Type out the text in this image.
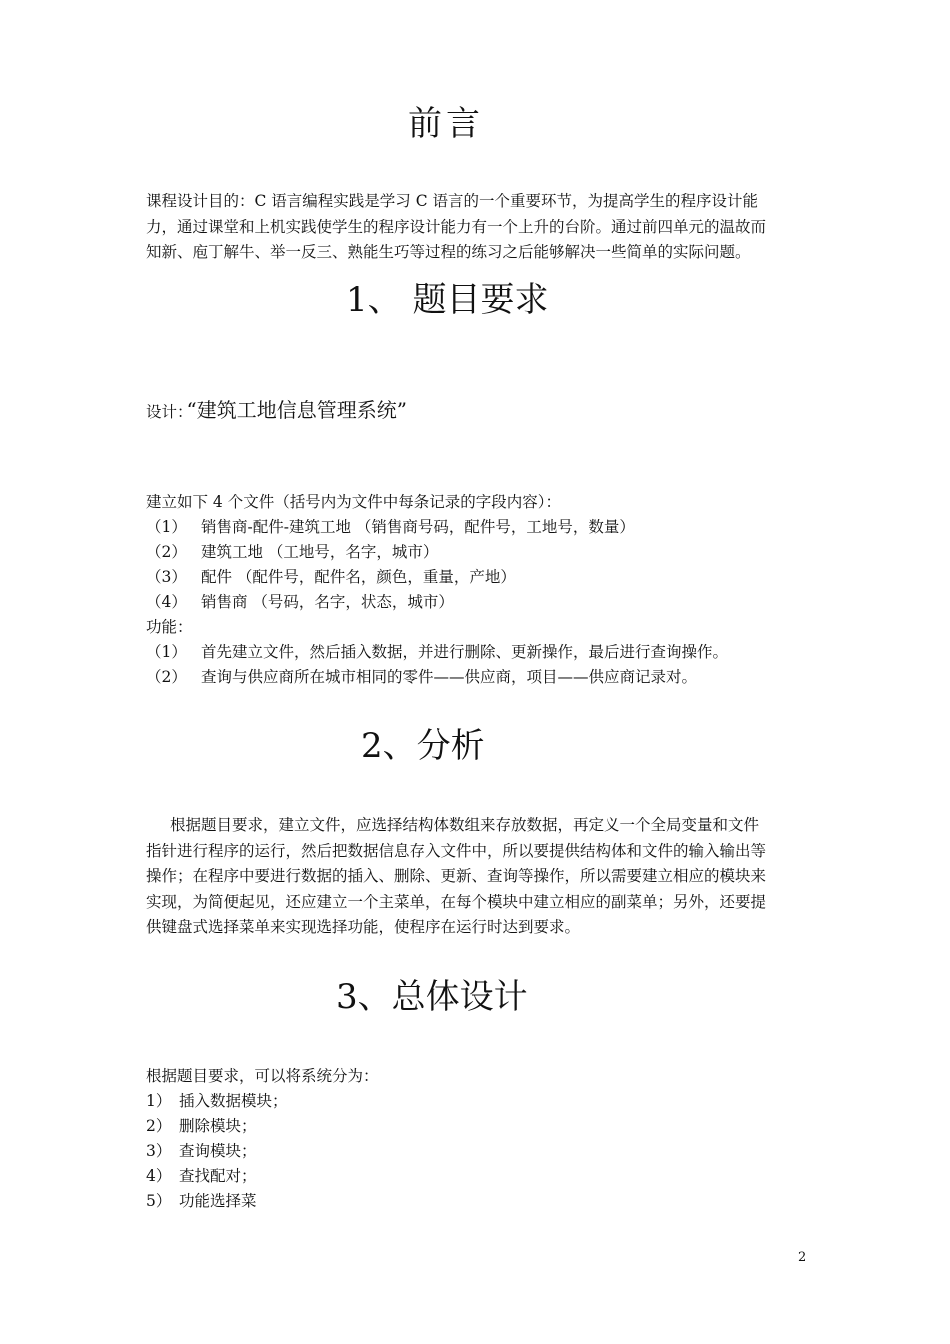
前言
课程设计目的：C 语言编程实践是学习 C 语言的一个重要环节，为提高学生的程序设计能
力，通过课堂和上机实践使学生的程序设计能力有一个上升的台阶。通过前四单元的温故而
知新、庖丁解牛、举一反三、熟能生巧等过程的练习之后能够解决一些简单的实际问题。
1、 题目要求
设计：“建筑工地信息管理系统”
建立如下 4 个文件（括号内为文件中每条记录的字段内容）：
（1） 销售商-配件-建筑工地 （销售商号码，配件号，工地号，数量）
（2） 建筑工地 （工地号，名字，城市）
（3） 配件 （配件号，配件名，颜色，重量，产地）
（4） 销售商 （号码，名字，状态，城市）
功能：
（1） 首先建立文件，然后插入数据，并进行删除、更新操作，最后进行查询操作。
（2） 查询与供应商所在城市相同的零件——供应商，项目——供应商记录对。
2、分析
根据题目要求，建立文件，应选择结构体数组来存放数据，再定义一个全局变量和文件
指针进行程序的运行，然后把数据信息存入文件中，所以要提供结构体和文件的输入输出等
操作；在程序中要进行数据的插入、删除、更新、查询等操作，所以需要建立相应的模块来
实现，为简便起见，还应建立一个主菜单，在每个模块中建立相应的副菜单；另外，还要提
供键盘式选择菜单来实现选择功能，使程序在运行时达到要求。
3、总体设计
根据题目要求，可以将系统分为：
1） 插入数据模块；
2） 删除模块；
3） 查询模块；
4） 查找配对；
5） 功能选择菜
2
